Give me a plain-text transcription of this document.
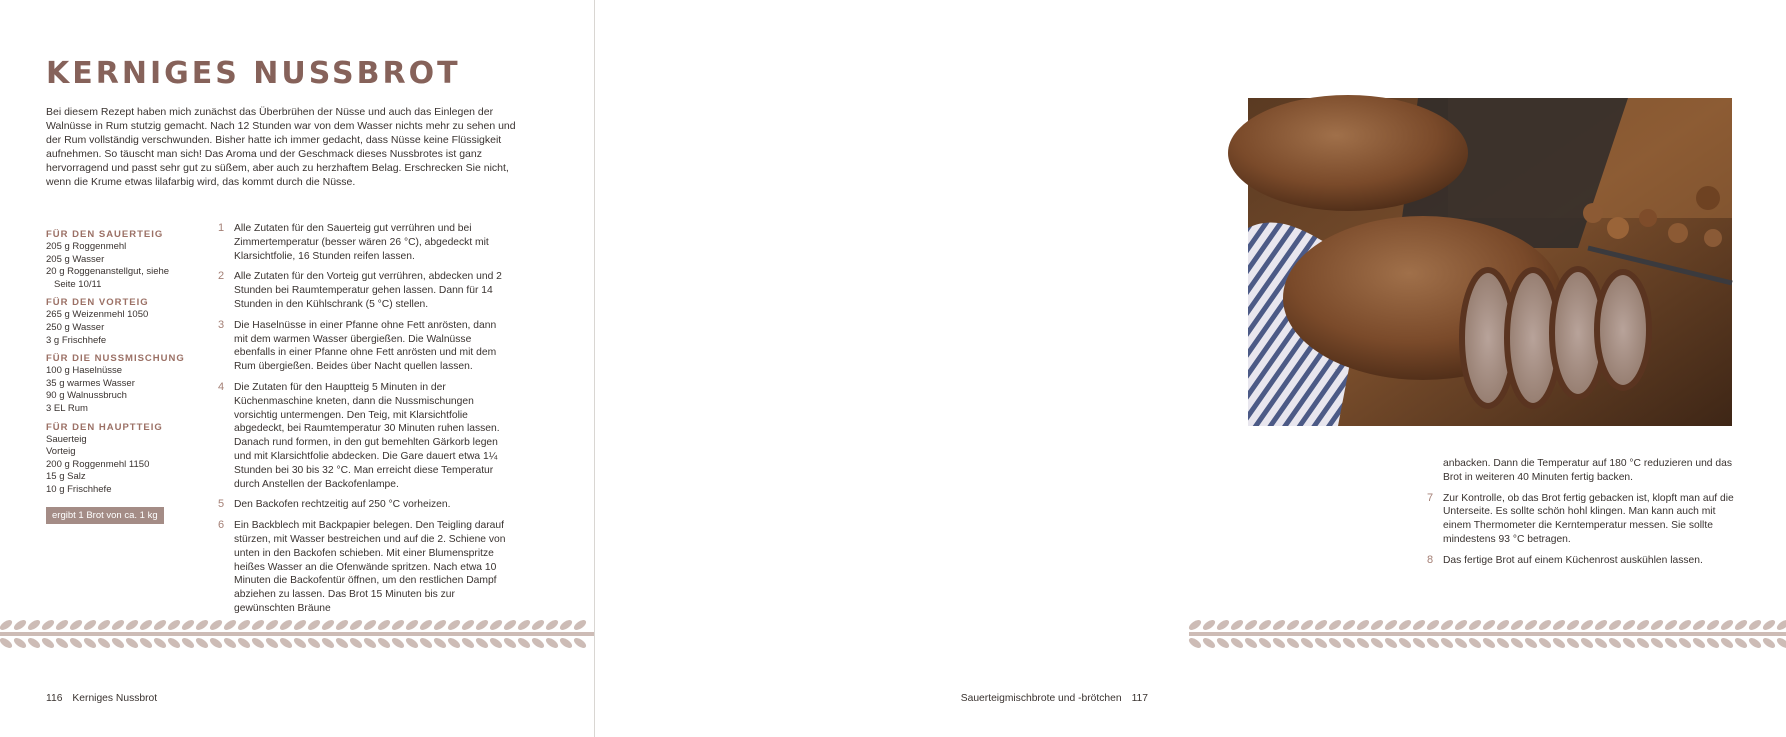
KERNIGES NUSSBROT
Bei diesem Rezept haben mich zunächst das Überbrühen der Nüsse und auch das Einlegen der Walnüsse in Rum stutzig gemacht. Nach 12 Stunden war von dem Wasser nichts mehr zu sehen und der Rum vollständig verschwunden. Bisher hatte ich immer gedacht, dass Nüsse keine Flüssigkeit aufnehmen. So täuscht man sich! Das Aroma und der Geschmack dieses Nussbrotes ist ganz hervorragend und passt sehr gut zu süßem, aber auch zu herzhaftem Belag. Erschrecken Sie nicht, wenn die Krume etwas lilafarbig wird, das kommt durch die Nüsse.
FÜR DEN SAUERTEIG
205 g Roggenmehl
205 g Wasser
20 g Roggenanstellgut, siehe
Seite 10/11
FÜR DEN VORTEIG
265 g Weizenmehl 1050
250 g Wasser
3 g Frischhefe
FÜR DIE NUSSMISCHUNG
100 g Haselnüsse
35 g warmes Wasser
90 g Walnussbruch
3 EL Rum
FÜR DEN HAUPTTEIG
Sauerteig
Vorteig
200 g Roggenmehl 1150
15 g Salz
10 g Frischhefe
ergibt 1 Brot von ca. 1 kg
1 Alle Zutaten für den Sauerteig gut verrühren und bei Zimmertemperatur (besser wären 26 °C), abgedeckt mit Klarsichtfolie, 16 Stunden reifen lassen.
2 Alle Zutaten für den Vorteig gut verrühren, abdecken und 2 Stunden bei Raumtemperatur gehen lassen. Dann für 14 Stunden in den Kühlschrank (5 °C) stellen.
3 Die Haselnüsse in einer Pfanne ohne Fett anrösten, dann mit dem warmen Wasser übergießen. Die Walnüsse ebenfalls in einer Pfanne ohne Fett anrösten und mit dem Rum übergießen. Beides über Nacht quellen lassen.
4 Die Zutaten für den Hauptteig 5 Minuten in der Küchenmaschine kneten, dann die Nussmischungen vorsichtig untermengen. Den Teig, mit Klarsichtfolie abgedeckt, bei Raumtemperatur 30 Minuten ruhen lassen. Danach rund formen, in den gut bemehlten Gärkorb legen und mit Klarsichtfolie abdecken. Die Gare dauert etwa 1¼ Stunden bei 30 bis 32 °C. Man erreicht diese Temperatur durch Anstellen der Backofenlampe.
5 Den Backofen rechtzeitig auf 250 °C vorheizen.
6 Ein Backblech mit Backpapier belegen. Den Teigling darauf stürzen, mit Wasser bestreichen und auf die 2. Schiene von unten in den Backofen schieben. Mit einer Blumenspritze heißes Wasser an die Ofenwände spritzen. Nach etwa 10 Minuten die Backofentür öffnen, um den restlichen Dampf abziehen zu lassen. Das Brot 15 Minuten bis zur gewünschten Bräune
116 Kerniges Nussbrot
anbacken. Dann die Temperatur auf 180 °C reduzieren und das Brot in weiteren 40 Minuten fertig backen.
7 Zur Kontrolle, ob das Brot fertig gebacken ist, klopft man auf die Unterseite. Es sollte schön hohl klingen. Man kann auch mit einem Thermometer die Kerntemperatur messen. Sie sollte mindestens 93 °C betragen.
8 Das fertige Brot auf einem Küchenrost auskühlen lassen.
Sauerteigmischbrote und -brötchen 117
